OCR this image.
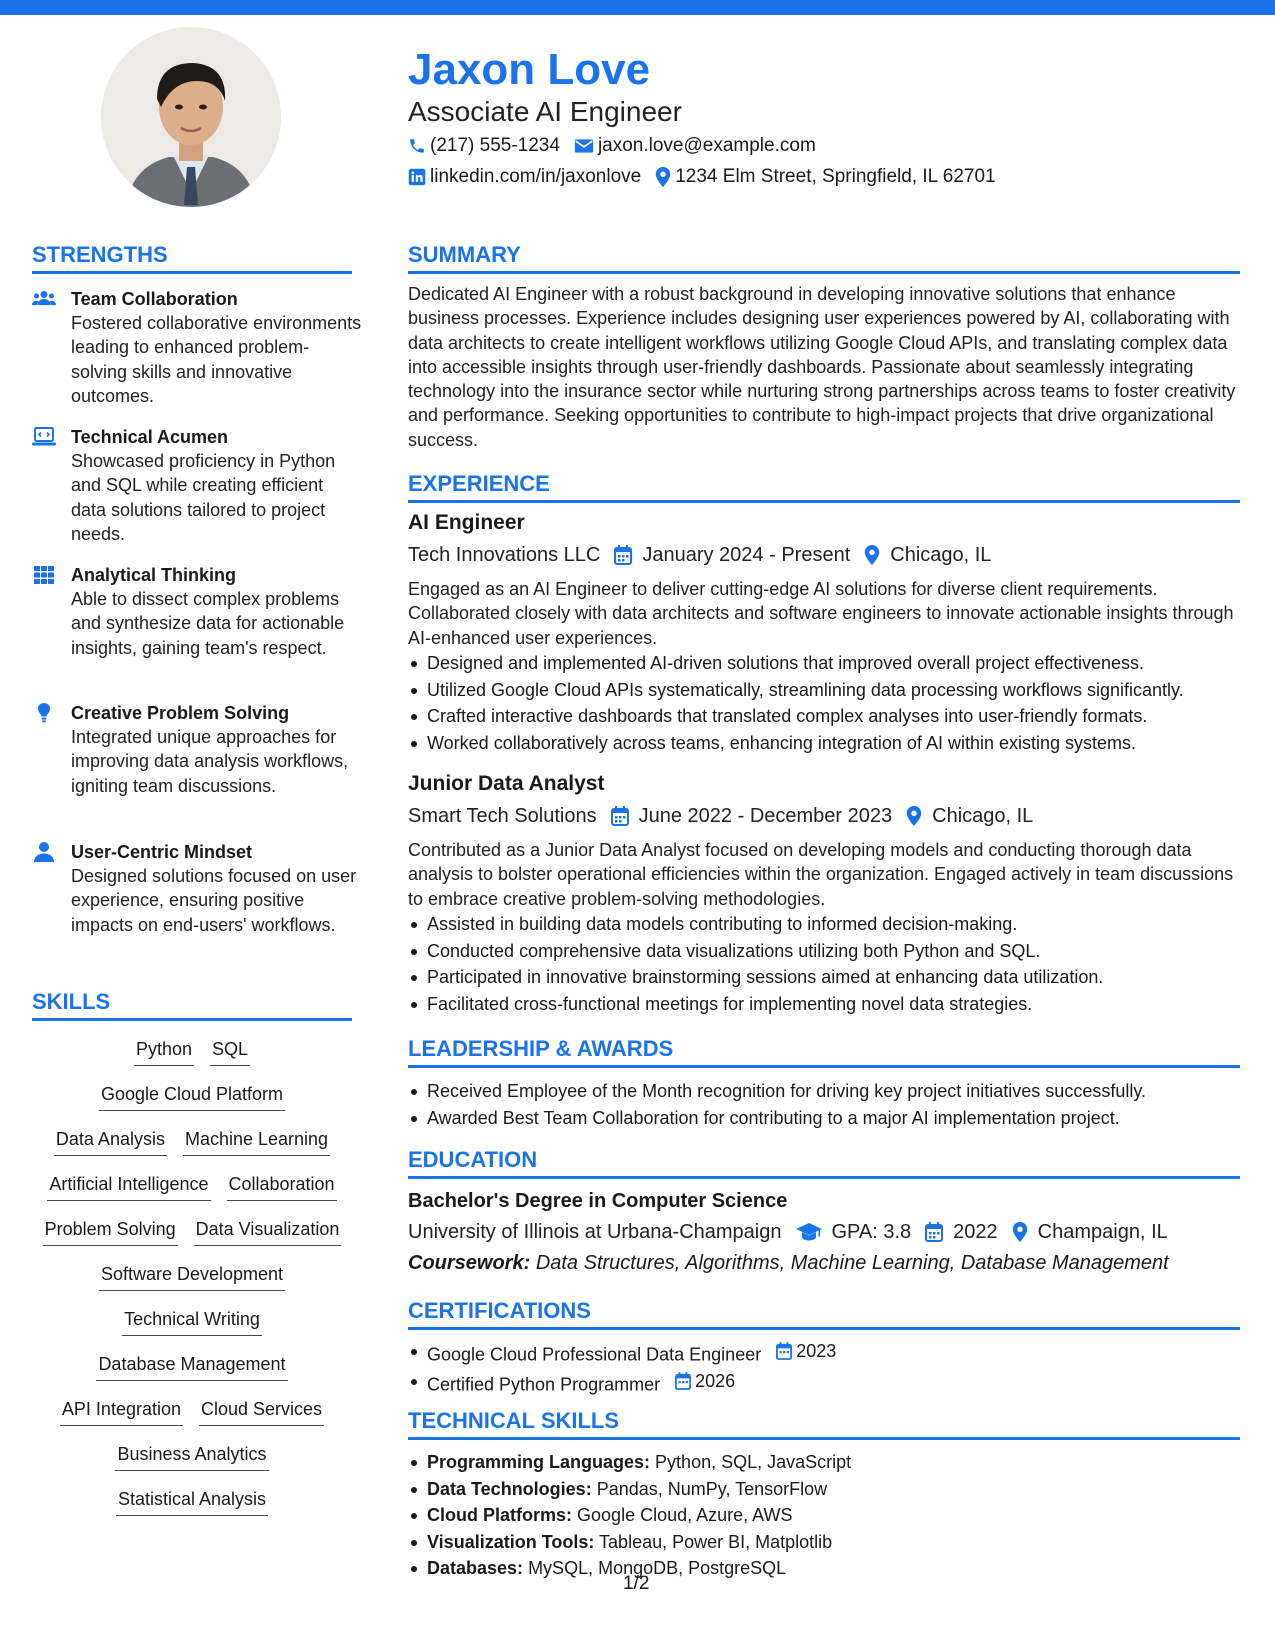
Jaxon Love
Associate AI Engineer
(217) 555-1234 jaxon.love@example.com
linkedin.com/in/jaxonlove 1234 Elm Street, Springfield, IL 62701
STRENGTHS
Team Collaboration
Fostered collaborative environments leading to enhanced problem-solving skills and innovative outcomes.
Technical Acumen
Showcased proficiency in Python and SQL while creating efficient data solutions tailored to project needs.
Analytical Thinking
Able to dissect complex problems and synthesize data for actionable insights, gaining team's respect.
Creative Problem Solving
Integrated unique approaches for improving data analysis workflows, igniting team discussions.
User-Centric Mindset
Designed solutions focused on user experience, ensuring positive impacts on end-users' workflows.
SKILLS
Python SQL
Google Cloud Platform
Data Analysis Machine Learning
Artificial Intelligence Collaboration
Problem Solving Data Visualization
Software Development
Technical Writing
Database Management
API Integration Cloud Services
Business Analytics
Statistical Analysis
SUMMARY
Dedicated AI Engineer with a robust background in developing innovative solutions that enhance business processes. Experience includes designing user experiences powered by AI, collaborating with data architects to create intelligent workflows utilizing Google Cloud APIs, and translating complex data into accessible insights through user-friendly dashboards. Passionate about seamlessly integrating technology into the insurance sector while nurturing strong partnerships across teams to foster creativity and performance. Seeking opportunities to contribute to high-impact projects that drive organizational success.
EXPERIENCE
AI Engineer
Tech Innovations LLC January 2024 - Present Chicago, IL
Engaged as an AI Engineer to deliver cutting-edge AI solutions for diverse client requirements. Collaborated closely with data architects and software engineers to innovate actionable insights through AI-enhanced user experiences.
Designed and implemented AI-driven solutions that improved overall project effectiveness.
Utilized Google Cloud APIs systematically, streamlining data processing workflows significantly.
Crafted interactive dashboards that translated complex analyses into user-friendly formats.
Worked collaboratively across teams, enhancing integration of AI within existing systems.
Junior Data Analyst
Smart Tech Solutions June 2022 - December 2023 Chicago, IL
Contributed as a Junior Data Analyst focused on developing models and conducting thorough data analysis to bolster operational efficiencies within the organization. Engaged actively in team discussions to embrace creative problem-solving methodologies.
Assisted in building data models contributing to informed decision-making.
Conducted comprehensive data visualizations utilizing both Python and SQL.
Participated in innovative brainstorming sessions aimed at enhancing data utilization.
Facilitated cross-functional meetings for implementing novel data strategies.
LEADERSHIP & AWARDS
Received Employee of the Month recognition for driving key project initiatives successfully.
Awarded Best Team Collaboration for contributing to a major AI implementation project.
EDUCATION
Bachelor's Degree in Computer Science
University of Illinois at Urbana-Champaign	GPA: 3.8 2022 Champaign, IL
Coursework: Data Structures, Algorithms, Machine Learning, Database Management
CERTIFICATIONS
Google Cloud Professional Data Engineer 2023
Certified Python Programmer 2026
TECHNICAL SKILLS
Programming Languages: Python, SQL, JavaScript
Data Technologies: Pandas, NumPy, TensorFlow
Cloud Platforms: Google Cloud, Azure, AWS
Visualization Tools: Tableau, Power BI, Matplotlib
Databases: MySQL, MongoDB, PostgreSQL
1/2
